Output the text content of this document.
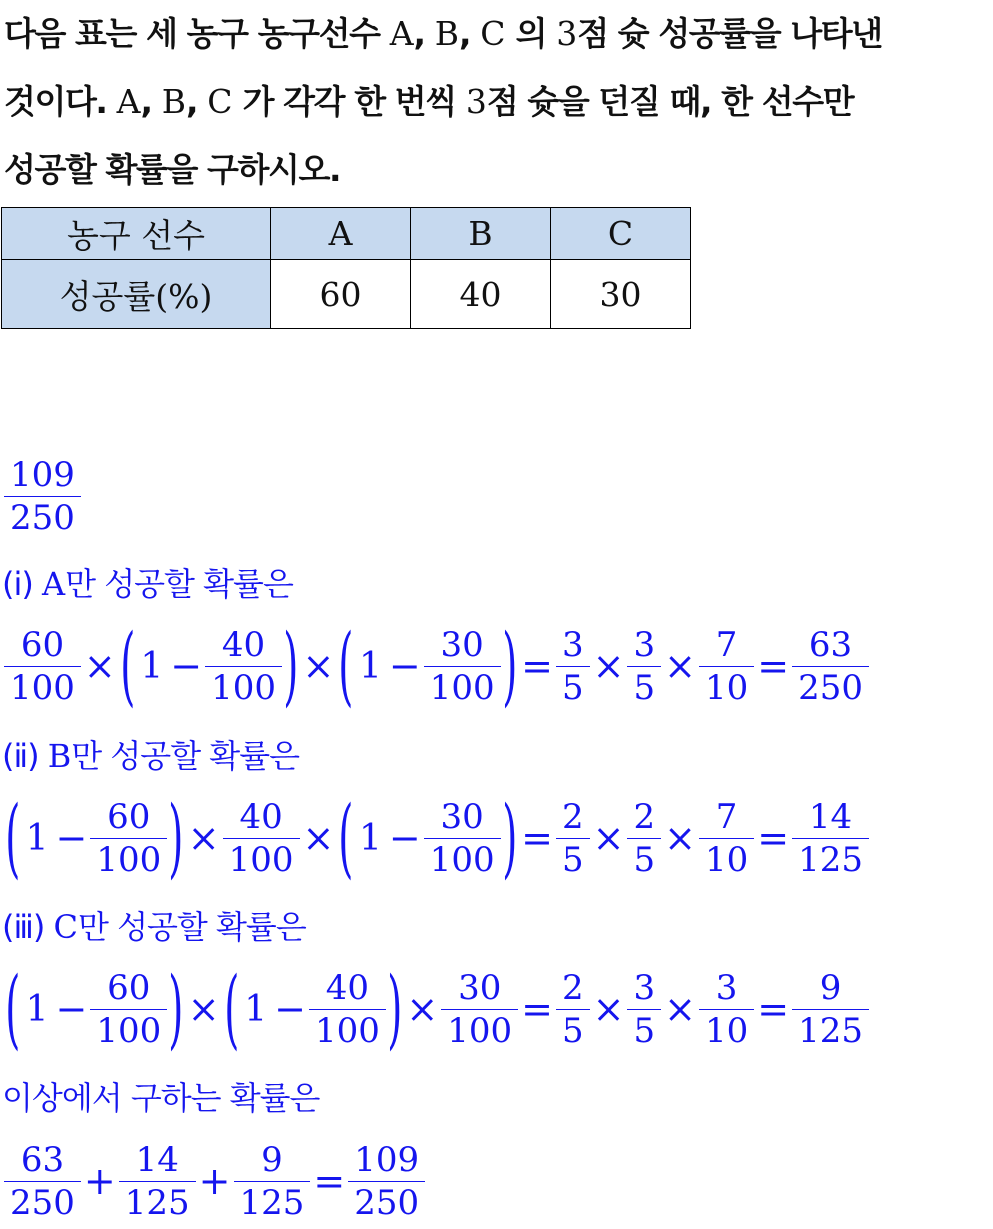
다음 표는 세 농구 농구선수 A, B, C 의 3점 슛 성공률을 나타낸
것이다. A, B, C 가 각각 한 번씩 3점 슛을 던질 때, 한 선수만
성공할 확률을 구하시오.
농구 선수	A	B	C
성공률(%)	60	40	30
$\frac{109}{250}$
(ⅰ) A만 성공할 확률은
$\frac{60}{100}$ × ( $1 - \frac{40}{100}$ ) × ( $1 - \frac{30}{100}$ ) = $\frac{3}{5} \times \frac{3}{5} \times \frac{7}{10} = \frac{63}{250}$
(ⅱ) B만 성공할 확률은
( $1 - \frac{60}{100}$ ) × $\frac{40}{100}$ × ( $1 - \frac{30}{100}$ ) = $\frac{2}{5} \times \frac{2}{5} \times \frac{7}{10} = \frac{14}{125}$
(ⅲ) C만 성공할 확률은
( $1 - \frac{60}{100}$ ) × ( $1 - \frac{40}{100}$ ) × $\frac{30}{100} = \frac{2}{5} \times \frac{3}{5} \times \frac{3}{10} = \frac{9}{125}$
이상에서 구하는 확률은
$\frac{63}{250} + \frac{14}{125} + \frac{9}{125} = \frac{109}{250}$
